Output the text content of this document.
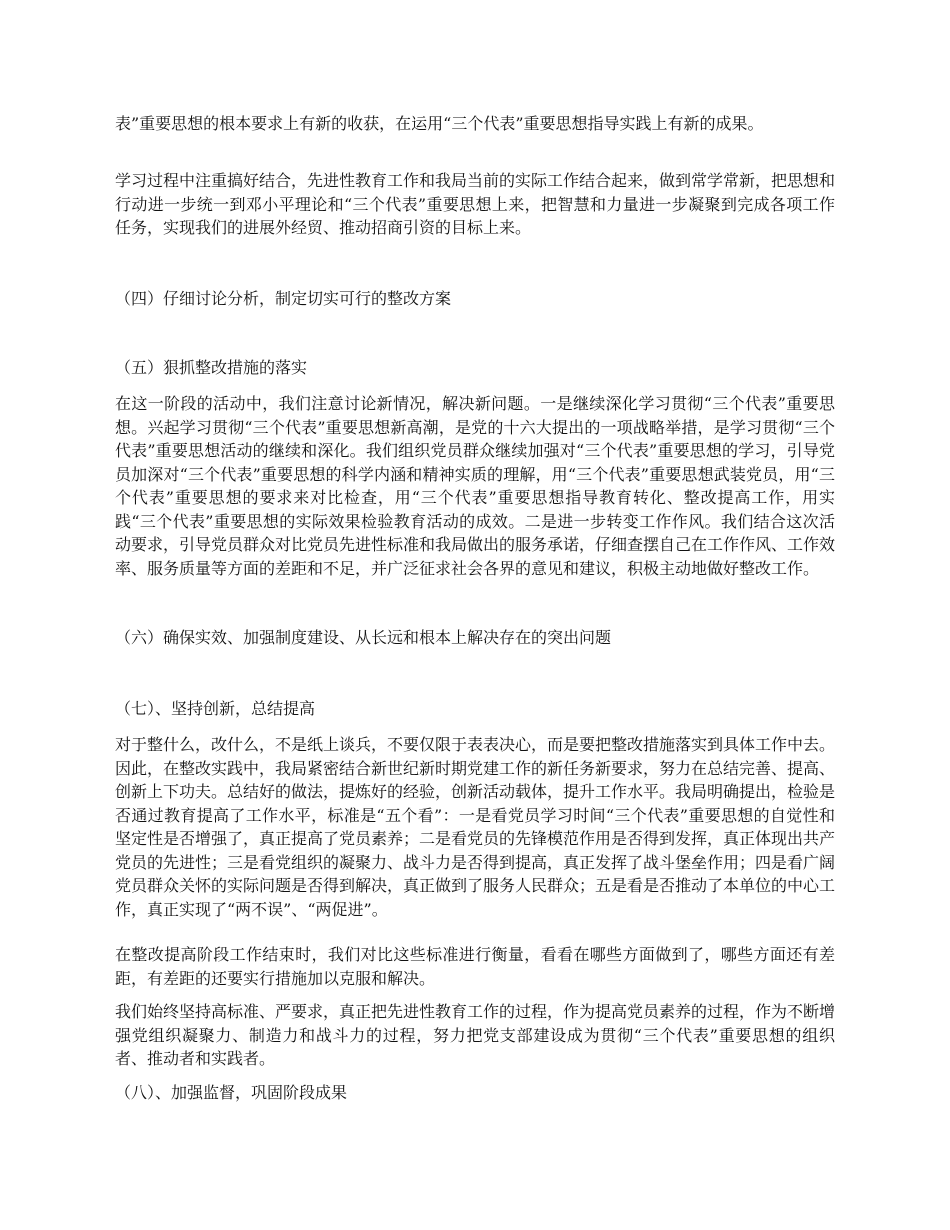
表”重要思想的根本要求上有新的收获，在运用“三个代表”重要思想指导实践上有新的成果。

学习过程中注重搞好结合，先进性教育工作和我局当前的实际工作结合起来，做到常学常新，把思想和行动进一步统一到邓小平理论和“三个代表”重要思想上来，把智慧和力量进一步凝聚到完成各项工作任务，实现我们的进展外经贸、推动招商引资的目标上来。

（四）仔细讨论分析，制定切实可行的整改方案

（五）狠抓整改措施的落实

在这一阶段的活动中，我们注意讨论新情况，解决新问题。一是继续深化学习贯彻“三个代表”重要思想。兴起学习贯彻“三个代表”重要思想新高潮，是党的十六大提出的一项战略举措，是学习贯彻“三个代表”重要思想活动的继续和深化。我们组织党员群众继续加强对“三个代表”重要思想的学习，引导党员加深对“三个代表”重要思想的科学内涵和精神实质的理解，用“三个代表”重要思想武装党员，用“三个代表”重要思想的要求来对比检查，用“三个代表”重要思想指导教育转化、整改提高工作，用实践“三个代表”重要思想的实际效果检验教育活动的成效。二是进一步转变工作作风。我们结合这次活动要求，引导党员群众对比党员先进性标准和我局做出的服务承诺，仔细查摆自己在工作作风、工作效率、服务质量等方面的差距和不足，并广泛征求社会各界的意见和建议，积极主动地做好整改工作。

（六）确保实效、加强制度建设、从长远和根本上解决存在的突出问题

（七）、坚持创新，总结提高

对于整什么，改什么，不是纸上谈兵，不要仅限于表表决心，而是要把整改措施落实到具体工作中去。因此，在整改实践中，我局紧密结合新世纪新时期党建工作的新任务新要求，努力在总结完善、提高、创新上下功夫。总结好的做法，提炼好的经验，创新活动载体，提升工作水平。我局明确提出，检验是否通过教育提高了工作水平，标准是“五个看”：一是看党员学习时间“三个代表”重要思想的自觉性和坚定性是否增强了，真正提高了党员素养；二是看党员的先锋模范作用是否得到发挥，真正体现出共产党员的先进性；三是看党组织的凝聚力、战斗力是否得到提高，真正发挥了战斗堡垒作用；四是看广阔党员群众关怀的实际问题是否得到解决，真正做到了服务人民群众；五是看是否推动了本单位的中心工作，真正实现了“两不误”、“两促进”。

在整改提高阶段工作结束时，我们对比这些标准进行衡量，看看在哪些方面做到了，哪些方面还有差距，有差距的还要实行措施加以克服和解决。

我们始终坚持高标准、严要求，真正把先进性教育工作的过程，作为提高党员素养的过程，作为不断增强党组织凝聚力、制造力和战斗力的过程，努力把党支部建设成为贯彻“三个代表”重要思想的组织者、推动者和实践者。

（八）、加强监督，巩固阶段成果
